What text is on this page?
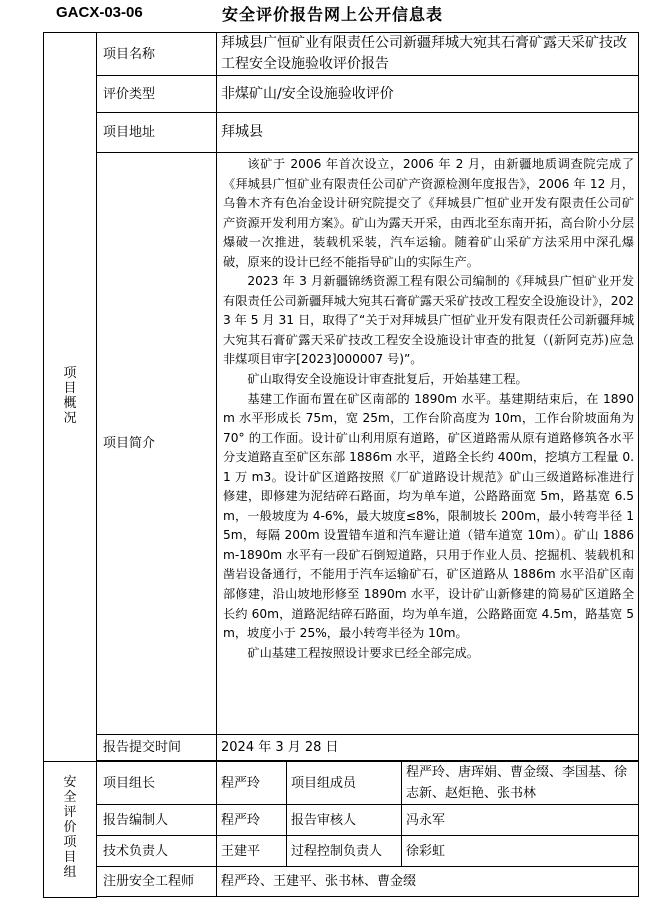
GACX-03-06	安全评价报告网上公开信息表
项目概况	项目名称	拜城县广恒矿业有限责任公司新疆拜城大宛其石膏矿露天采矿技改工程安全设施验收评价报告		
	评价类型	非煤矿山/安全设施验收评价		
	项目地址	拜城县		
	项目简介	该矿于 2006 年首次设立，2006 年 2 月，由新疆地质调查院完成了《拜城县广恒矿业有限责任公司矿产资源检测年度报告》，2006 年 12 月，乌鲁木齐有色冶金设计研究院提交了《拜城县广恒矿业开发有限责任公司矿产资源开发利用方案》。矿山为露天开采，由西北至东南开拓，高台阶小分层爆破一次推进，装载机采装，汽车运输。随着矿山采矿方法采用中深孔爆破，原来的设计已经不能指导矿山的实际生产。

2023 年 3 月新疆锦绣资源工程有限公司编制的《拜城县广恒矿业开发有限责任公司新疆拜城大宛其石膏矿露天采矿技改工程安全设施设计》，2023 年 5 月 31 日，取得了“关于对拜城县广恒矿业开发有限责任公司新疆拜城大宛其石膏矿露天采矿技改工程安全设施设计审查的批复（(新阿克苏)应急非煤项目审字[2023]000007 号)”。

矿山取得安全设施设计审查批复后，开始基建工程。

基建工作面布置在矿区南部的 1890m 水平。基建期结束后，在 1890m 水平形成长 75m，宽 25m，工作台阶高度为 10m，工作台阶坡面角为 70° 的工作面。设计矿山利用原有道路，矿区道路需从原有道路修筑各水平分支道路直至矿区东部 1886m 水平，道路全长约 400m，挖填方工程量 0.1 万 m3。设计矿区道路按照《厂矿道路设计规范》矿山三级道路标准进行修建，即修建为泥结碎石路面，均为单车道，公路路面宽 5m，路基宽 6.5m，一般坡度为 4-6%，最大坡度≤8%，限制坡长 200m，最小转弯半径 15m，每隔 200m 设置错车道和汽车避让道（错车道宽 10m）。矿山 1886m-1890m 水平有一段矿石倒短道路，只用于作业人员、挖掘机、装载机和凿岩设备通行，不能用于汽车运输矿石，矿区道路从 1886m 水平沿矿区南部修建，沿山坡地形修至 1890m 水平，设计矿山新修建的简易矿区道路全长约 60m，道路泥结碎石路面，均为单车道，公路路面宽 4.5m，路基宽 5m，坡度小于 25%，最小转弯半径为 10m。

矿山基建工程按照设计要求已经全部完成。		

	报告提交时间	2024 年 3 月 28 日		

安全评价项目组	项目组长	程严玲	项目组成员	程严玲、唐珲娟、曹金缀、李国基、徐志新、赵炬艳、张书林
	报告编制人	程严玲	报告审核人	冯永军
	技术负责人	王建平	过程控制负责人	徐彩虹
	注册安全工程师	程严玲、王建平、张书林、曹金缀		
